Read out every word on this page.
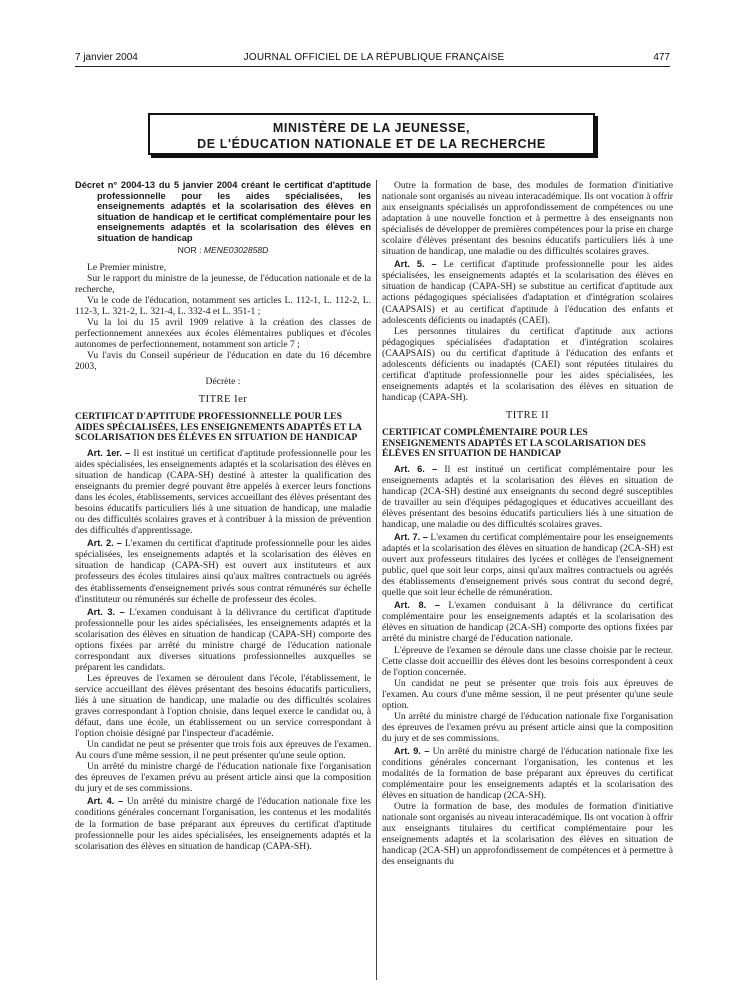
7 janvier 2004	JOURNAL OFFICIEL DE LA RÉPUBLIQUE FRANÇAISE	477
MINISTÈRE DE LA JEUNESSE,
DE L'ÉDUCATION NATIONALE ET DE LA RECHERCHE

Décret n° 2004-13 du 5 janvier 2004 créant le certificat d'aptitude professionnelle pour les aides spécialisées, les enseignements adaptés et la scolarisation des élèves en situation de handicap et le certificat complémentaire pour les enseignements adaptés et la scolarisation des élèves en situation de handicap

NOR : MENE0302858D

Le Premier ministre,

Sur le rapport du ministre de la jeunesse, de l'éducation nationale et de la recherche,

Vu le code de l'éducation, notamment ses articles L. 112-1, L. 112-2, L. 112-3, L. 321-2, L. 321-4, L. 332-4 et L. 351-1 ;

Vu la loi du 15 avril 1909 relative à la création des classes de perfectionnement annexées aux écoles élémentaires publiques et d'écoles autonomes de perfectionnement, notamment son article 7 ;

Vu l'avis du Conseil supérieur de l'éducation en date du 16 décembre 2003,

Décrète :

TITRE Ier

CERTIFICAT D'APTITUDE PROFESSIONNELLE POUR LES AIDES SPÉCIALISÉES, LES ENSEIGNEMENTS ADAPTÉS ET LA SCOLARISATION DES ÉLÈVES EN SITUATION DE HANDICAP

Art. 1er. – Il est institué un certificat d'aptitude professionnelle pour les aides spécialisées, les enseignements adaptés et la scolarisation des élèves en situation de handicap (CAPA-SH) destiné à attester la qualification des enseignants du premier degré pouvant être appelés à exercer leurs fonctions dans les écoles, établissements, services accueillant des élèves présentant des besoins éducatifs particuliers liés à une situation de handicap, une maladie ou des difficultés scolaires graves et à contribuer à la mission de prévention des difficultés d'apprentissage.

Art. 2. – L'examen du certificat d'aptitude professionnelle pour les aides spécialisées, les enseignements adaptés et la scolarisation des élèves en situation de handicap (CAPA-SH) est ouvert aux instituteurs et aux professeurs des écoles titulaires ainsi qu'aux maîtres contractuels ou agréés des établissements d'enseignement privés sous contrat rémunérés sur échelle d'instituteur ou rémunérés sur échelle de professeur des écoles.

Art. 3. – L'examen conduisant à la délivrance du certificat d'aptitude professionnelle pour les aides spécialisées, les enseignements adaptés et la scolarisation des élèves en situation de handicap (CAPA-SH) comporte des options fixées par arrêté du ministre chargé de l'éducation nationale correspondant aux diverses situations professionnelles auxquelles se préparent les candidats.

Les épreuves de l'examen se déroulent dans l'école, l'établissement, le service accueillant des élèves présentant des besoins éducatifs particuliers, liés à une situation de handicap, une maladie ou des difficultés scolaires graves correspondant à l'option choisie, dans lequel exerce le candidat ou, à défaut, dans une école, un établissement ou un service correspondant à l'option choisie désigné par l'inspecteur d'académie.

Un candidat ne peut se présenter que trois fois aux épreuves de l'examen. Au cours d'une même session, il ne peut présenter qu'une seule option.

Un arrêté du ministre chargé de l'éducation nationale fixe l'organisation des épreuves de l'examen prévu au présent article ainsi que la composition du jury et de ses commissions.

Art. 4. – Un arrêté du ministre chargé de l'éducation nationale fixe les conditions générales concernant l'organisation, les contenus et les modalités de la formation de base préparant aux épreuves du certificat d'aptitude professionnelle pour les aides spécialisées, les enseignements adaptés et la scolarisation des élèves en situation de handicap (CAPA-SH).

Outre la formation de base, des modules de formation d'initiative nationale sont organisés au niveau interacadémique. Ils ont vocation à offrir aux enseignants spécialisés un approfondissement de compétences ou une adaptation à une nouvelle fonction et à permettre à des enseignants non spécialisés de développer de premières compétences pour la prise en charge scolaire d'élèves présentant des besoins éducatifs particuliers liés à une situation de handicap, une maladie ou des difficultés scolaires graves.

Art. 5. – Le certificat d'aptitude professionnelle pour les aides spécialisées, les enseignements adaptés et la scolarisation des élèves en situation de handicap (CAPA-SH) se substitue au certificat d'aptitude aux actions pédagogiques spécialisées d'adaptation et d'intégration scolaires (CAAPSAIS) et au certificat d'aptitude à l'éducation des enfants et adolescents déficients ou inadaptés (CAEI).

Les personnes titulaires du certificat d'aptitude aux actions pédagogiques spécialisées d'adaptation et d'intégration scolaires (CAAPSAIS) ou du certificat d'aptitude à l'éducation des enfants et adolescents déficients ou inadaptés (CAEI) sont réputées titulaires du certificat d'aptitude professionnelle pour les aides spécialisées, les enseignements adaptés et la scolarisation des élèves en situation de handicap (CAPA-SH).

TITRE II

CERTIFICAT COMPLÉMENTAIRE POUR LES ENSEIGNEMENTS ADAPTÉS ET LA SCOLARISATION DES ÉLÈVES EN SITUATION DE HANDICAP

Art. 6. – Il est institué un certificat complémentaire pour les enseignements adaptés et la scolarisation des élèves en situation de handicap (2CA-SH) destiné aux enseignants du second degré susceptibles de travailler au sein d'équipes pédagogiques et éducatives accueillant des élèves présentant des besoins éducatifs particuliers liés à une situation de handicap, une maladie ou des difficultés scolaires graves.

Art. 7. – L'examen du certificat complémentaire pour les enseignements adaptés et la scolarisation des élèves en situation de handicap (2CA-SH) est ouvert aux professeurs titulaires des lycées et collèges de l'enseignement public, quel que soit leur corps, ainsi qu'aux maîtres contractuels ou agréés des établissements d'enseignement privés sous contrat du second degré, quelle que soit leur échelle de rémunération.

Art. 8. – L'examen conduisant à la délivrance du certificat complémentaire pour les enseignements adaptés et la scolarisation des élèves en situation de handicap (2CA-SH) comporte des options fixées par arrêté du ministre chargé de l'éducation nationale.

L'épreuve de l'examen se déroule dans une classe choisie par le recteur. Cette classe doit accueillir des élèves dont les besoins correspondent à ceux de l'option concernée.

Un candidat ne peut se présenter que trois fois aux épreuves de l'examen. Au cours d'une même session, il ne peut présenter qu'une seule option.

Un arrêté du ministre chargé de l'éducation nationale fixe l'organisation des épreuves de l'examen prévu au présent article ainsi que la composition du jury et de ses commissions.

Art. 9. – Un arrêté du ministre chargé de l'éducation nationale fixe les conditions générales concernant l'organisation, les contenus et les modalités de la formation de base préparant aux épreuves du certificat complémentaire pour les enseignements adaptés et la scolarisation des élèves en situation de handicap (2CA-SH).

Outre la formation de base, des modules de formation d'initiative nationale sont organisés au niveau interacadémique. Ils ont vocation à offrir aux enseignants titulaires du certificat complémentaire pour les enseignements adaptés et la scolarisation des élèves en situation de handicap (2CA-SH) un approfondissement de compétences et à permettre à des enseignants du
